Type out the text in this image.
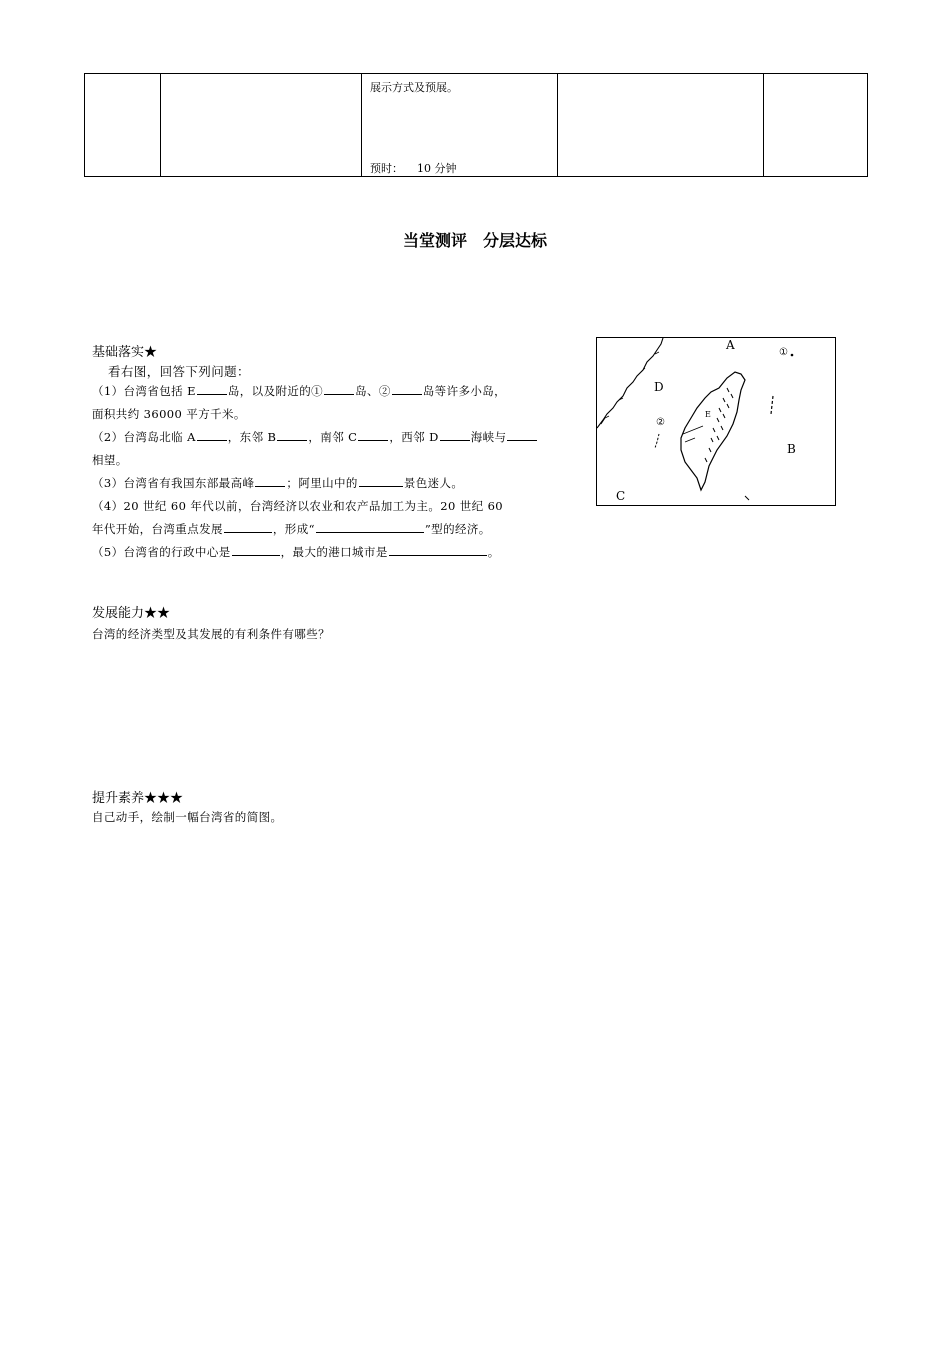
展示方式及预展。
预时： 10 分钟

当堂测评　分层达标
基础落实★
看右图，回答下列问题：
（1）台湾省包括 E	岛，以及附近的①	岛、②	岛等许多小岛，
面积共约 36000 平方千米。
（2）台湾岛北临 A	，东邻 B	，南邻 C	，西邻 D	海峡与
相望。
（3）台湾省有我国东部最高峰	；阿里山中的	景色迷人。
（4）20 世纪 60 年代以前，台湾经济以农业和农产品加工为主。20 世纪 60
年代开始，台湾重点发展	，形成“	”型的经济。
（5）台湾省的行政中心是	，最大的港口城市是	。
A
B
C
D
E
①
②
发展能力★★
台湾的经济类型及其发展的有利条件有哪些？
提升素养★★★
自己动手，绘制一幅台湾省的简图。
